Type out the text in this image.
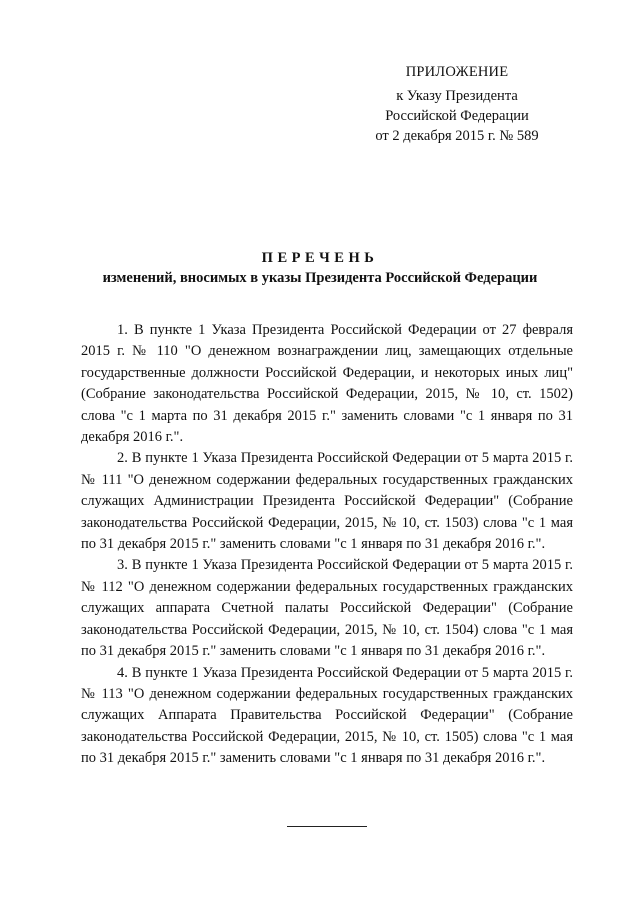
ПРИЛОЖЕНИЕ
к Указу Президента
Российской Федерации
от 2 декабря 2015 г. № 589
ПЕРЕЧЕНЬ
изменений, вносимых в указы Президента Российской Федерации

1. В пункте 1 Указа Президента Российской Федерации от 27 февраля 2015 г. № 110 "О денежном вознаграждении лиц, замещающих отдельные государственные должности Российской Федерации, и некоторых иных лиц" (Собрание законодательства Российской Федерации, 2015, № 10, ст. 1502) слова "с 1 марта по 31 декабря 2015 г." заменить словами "с 1 января по 31 декабря 2016 г.".

2. В пункте 1 Указа Президента Российской Федерации от 5 марта 2015 г. № 111 "О денежном содержании федеральных государственных гражданских служащих Администрации Президента Российской Федерации" (Собрание законодательства Российской Федерации, 2015, № 10, ст. 1503) слова "с 1 мая по 31 декабря 2015 г." заменить словами "с 1 января по 31 декабря 2016 г.".

3. В пункте 1 Указа Президента Российской Федерации от 5 марта 2015 г. № 112 "О денежном содержании федеральных государственных гражданских служащих аппарата Счетной палаты Российской Федерации" (Собрание законодательства Российской Федерации, 2015, № 10, ст. 1504) слова "с 1 мая по 31 декабря 2015 г." заменить словами "с 1 января по 31 декабря 2016 г.".

4. В пункте 1 Указа Президента Российской Федерации от 5 марта 2015 г. № 113 "О денежном содержании федеральных государственных гражданских служащих Аппарата Правительства Российской Федерации" (Собрание законодательства Российской Федерации, 2015, № 10, ст. 1505) слова "с 1 мая по 31 декабря 2015 г." заменить словами "с 1 января по 31 декабря 2016 г.".
